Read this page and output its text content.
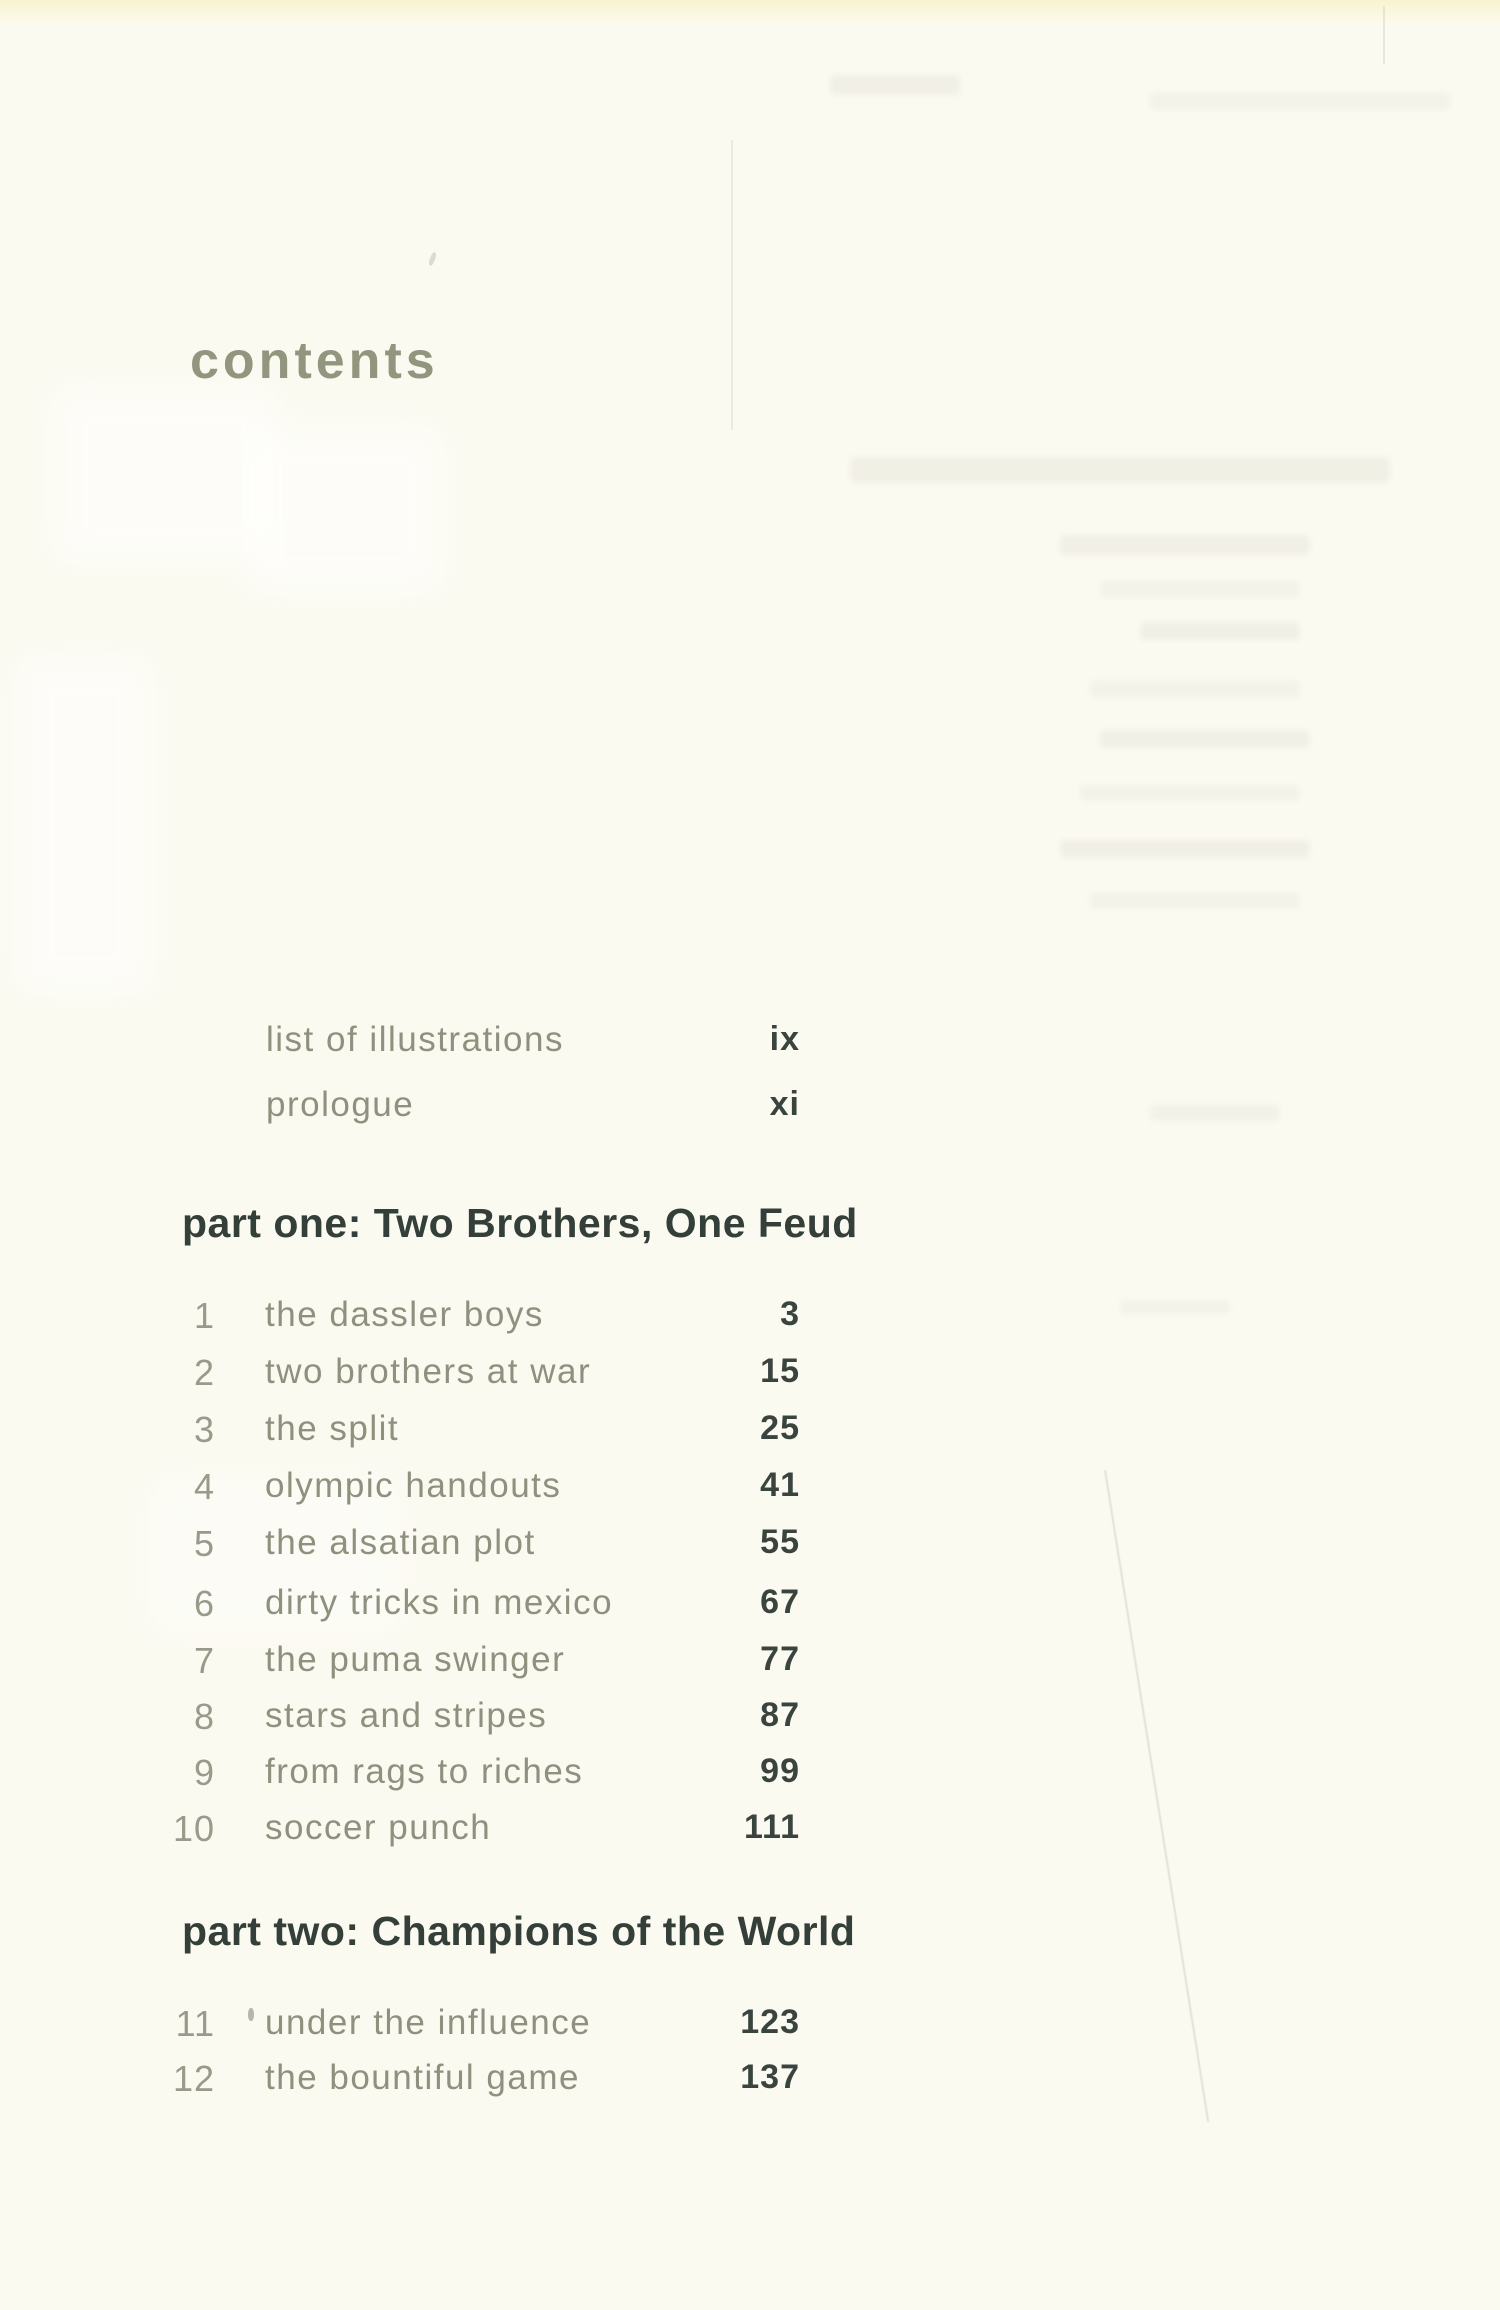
contents
list of illustrations	ix
prologue	xi
part one: Two Brothers, One Feud
1 the dassler boys	3
2 two brothers at war	15
3 the split	25
4 olympic handouts	41
5 the alsatian plot	55
6 dirty tricks in mexico	67
7 the puma swinger	77
8 stars and stripes	87
9 from rags to riches	99
10 soccer punch	111
part two: Champions of the World
11 under the influence	123
12 the bountiful game	137
